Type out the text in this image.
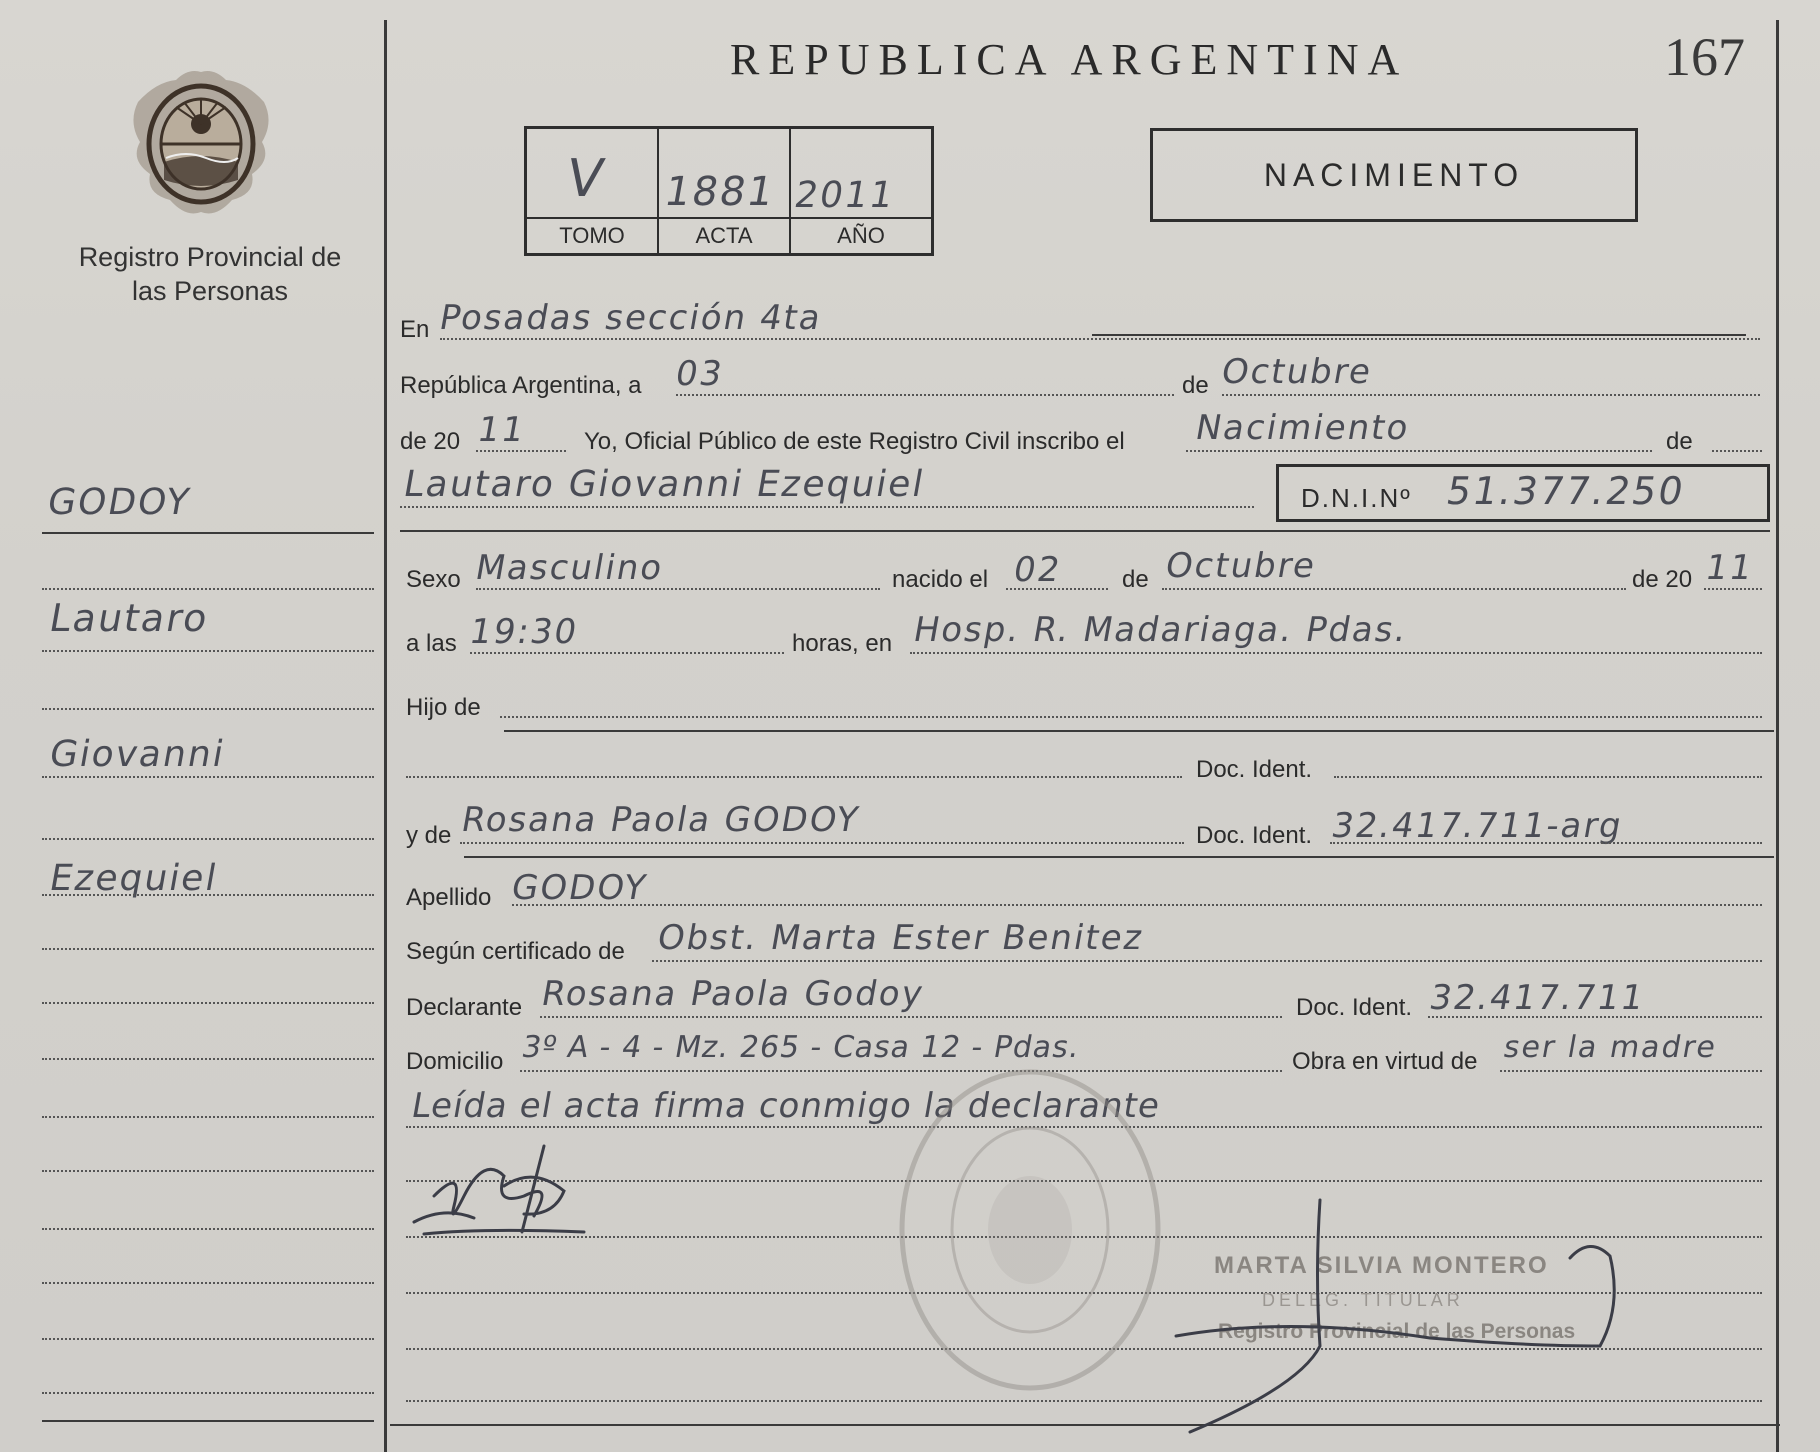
Registro Provincial de las Personas
GODOY
Lautaro
Giovanni
Ezequiel
REPUBLICA ARGENTINA	167
V 1881 2011
TOMO	ACTA	AÑO
NACIMIENTO
En Posadas sección 4ta
República Argentina, a 03	de Octubre
de 20 11 Yo, Oficial Público de este Registro Civil inscribo el Nacimiento	de
Lautaro Giovanni Ezequiel	D.N.I.Nº 51.377.250
Sexo Masculino	nacido el 02 de Octubre	de 20 11
a las 19:30	horas, en Hosp. R. Madariaga. Pdas.
Hijo de
Doc. Ident.
y de Rosana Paola GODOY	Doc. Ident. 32.417.711-arg
Apellido GODOY
Según certificado de Obst. Marta Ester Benitez
Declarante Rosana Paola Godoy	Doc. Ident. 32.417.711
Domicilio 3º A - 4 - Mz. 265 - Casa 12 - Pdas.	Obra en virtud de ser la madre
Leída el acta firma conmigo la declarante
MARTA SILVIA MONTERO
DELEG. TITULAR
Registro Provincial de las Personas
